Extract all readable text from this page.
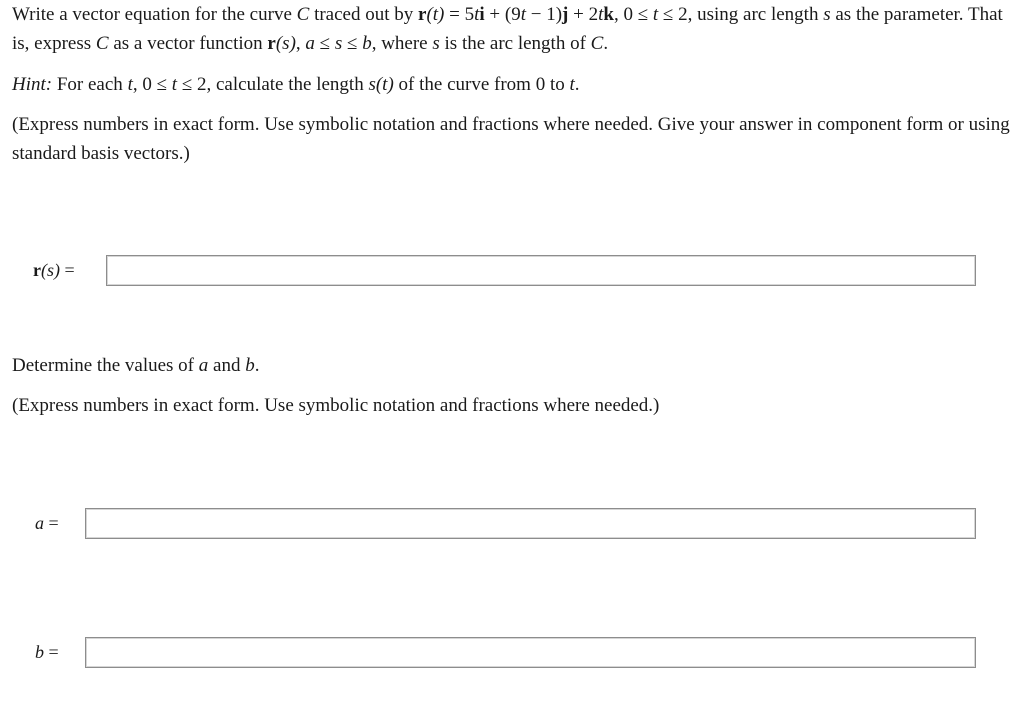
Write a vector equation for the curve C traced out by r(t) = 5ti + (9t − 1)j + 2tk, 0 ≤ t ≤ 2, using arc length s as the parameter. That is, express C as a vector function r(s), a ≤ s ≤ b, where s is the arc length of C.

Hint: For each t, 0 ≤ t ≤ 2, calculate the length s(t) of the curve from 0 to t.

(Express numbers in exact form. Use symbolic notation and fractions where needed. Give your answer in component form or using standard basis vectors.)

r(s) =

Determine the values of a and b.

(Express numbers in exact form. Use symbolic notation and fractions where needed.)

a =
b =
